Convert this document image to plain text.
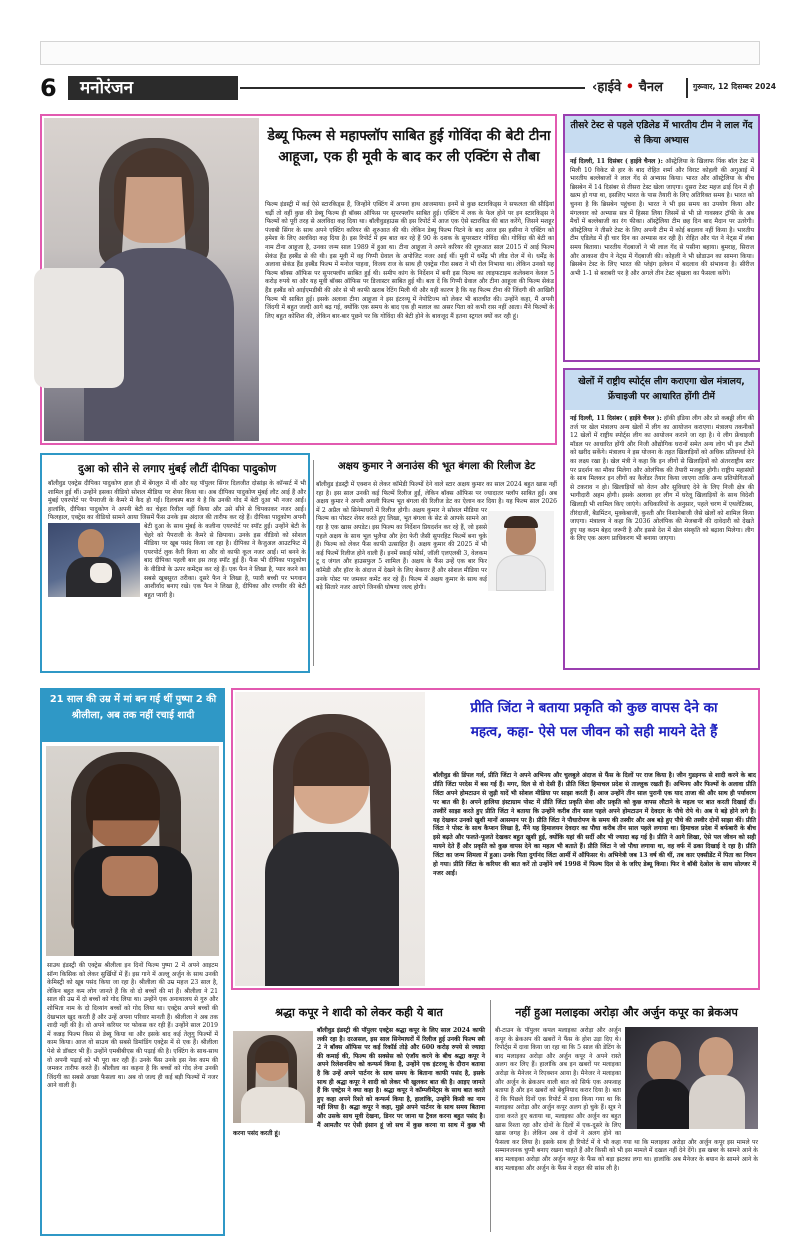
6	मनोरंजन	‹हाईवे • चैनल	गुरूवार, 12 दिसम्बर 2024
डेब्यू फिल्म से महाफ्लॉप साबित हुई गोविंदा की बेटी टीना
आहूजा, एक ही मूवी के बाद कर ली एक्टिंग से तौबा
फिल्म इंडस्ट्री में कई ऐसे स्टारकिड्स हैं, जिन्होंने एक्टिंग में अपना हाथ आजमाया। इनमें से कुछ स्टारकिड्स ने सफलता की सीढ़ियां चढ़ीं तो वहीं कुछ की डेब्यू फिल्म ही बॉक्स ऑफिस पर सुपरफ्लॉप साबित हुई। एक्टिंग में लक के फेल होने पर इन स्टारकिड्स ने फिल्मों को पूरी तरह से अलविदा कह दिया था। बॉलीवुडहाउस की इस रिपोर्ट में आज एक ऐसे स्टारकिड की बात करेंगे, जिसने मशहूर पंजाबी सिंगर के साथ अपने एक्टिंग करियर की शुरुआत की थी। लेकिन डेब्यू फिल्म पिटने के बाद आज इस हसीना ने एक्टिंग को हमेशा के लिए अलविदा कह दिया है। इस रिपोर्ट में हम बात कर रहे हैं 90 के दशक के सुपरस्टार गोविंदा की। गोविंदा की बेटी का नाम टीना आहूजा है, उनका जन्म साल 1989 में हुआ था। टीना आहूजा ने अपने करियर की शुरुआत साल 2015 में आई फिल्म सेकंड हैंड हस्बैंड से की थी। इस मूवी में वह गिप्पी ग्रेवाल के अपोजिट नजर आई थीं। मूवी में धर्मेंद्र भी लीड रोल में थे। धर्मेंद्र के अलावा सेकंड हैंड हस्बैंड फिल्म में मनोज पाहवा, विजय राज के साथ ही एक्ट्रेस गौरा सबरा ने भी रोल निभाया था। लेकिन उनको यह फिल्म बॉक्स ऑफिस पर सुपरफ्लॉप साबित हुई थी। समीप कांग के निर्देशन में बनी इस फिल्म का लाइफटाइम कलेक्शन केवल 5 करोड़ रुपये था और यह मूवी बॉक्स ऑफिस पर डिजास्टर साबित हुई थी। बता दें कि गिप्पी ग्रेवाल और टीना आहूजा की फिल्म सेकंड हैंड हस्बैंड को आईएमडीबी की ओर से भी काफी खराब रेटिंग मिली थी और यही कारण है कि यह फिल्म टीना की जिंदगी की आखिरी फिल्म भी साबित हुई। इसके अलावा टीना आहूजा ने इस इंटरव्यू में नेपोटिज्म को लेकर भी बातचीत की। उन्होंने कहा, मैं अपनी जिंदगी में बहुत जल्दी आगे बढ़ गई, क्योंकि एक समय के बाद एक ही मलाल का असर पिता को कभी रास नहीं आता। मैंने फिल्मों के लिए बहुत कोशिश की, लेकिन बार-बार पूछने पर कि गोविंदा की बेटी होने के बावजूद मैं इतना स्ट्रगल क्यों कर रही हूं।
तीसरे टेस्ट से पहले एडिलेड में भारतीय टीम ने लाल गेंद से किया अभ्यास
नई दिल्ली, 11 दिसंबर ( हाईवे चैनल ): ऑस्ट्रेलिया के खिलाफ पिंक बॉल टेस्ट में मिली 10 विकेट से हार के बाद रोहित शर्मा और विराट कोहली की अगुआई में भारतीय बल्लेबाजों ने लाल गेंद से अभ्यास किया। भारत और ऑस्ट्रेलिया के बीच ब्रिसबेन में 14 दिसंबर से तीसरा टेस्ट खेला जाएगा। दूसरा टेस्ट महज ढाई दिन में ही खत्म हो गया था, इसलिए भारत के पास तैयारी के लिए अतिरिक्त समय है। भारत को चुनना है कि ब्रिसबेन पहुंचना है। भारत ने भी इस समय का उपयोग किया और मंगलवार को अभ्यास सत्र में हिस्सा लिया जिसमें से भी प्रो गावस्कर ट्रॉफी के अब मैचों में बल्लेबाजी का रंग फीका। ऑस्ट्रेलिया टीम छह दिन बाद मैदान पर उतरेगी। ऑस्ट्रेलिया ने तीसरे टेस्ट के लिए अपनी टीम में कोई बदलाव नहीं किया है। भारतीय टीम एडिलेड में ही चार दिन का अभ्यास कर रही है। रोहित और पंत ने नेट्स में लंबा समय बिताया। भारतीय गेंदबाजों ने भी लाल गेंद से पसीना बहाया। बुमराह, सिराज और आकाश दीप ने नेट्स में गेंदबाजी की। कोहली ने भी थ्रोडाउन का सामना किया। ब्रिसबेन टेस्ट के लिए भारत की प्लेइंग इलेवन में बदलाव की संभावना है। सीरीज अभी 1-1 से बराबरी पर है और अगले तीन टेस्ट श्रृंखला का फैसला करेंगे।
खेलों में राष्ट्रीय स्पोर्ट्स लीग कराएगा खेल मंत्रालय, फ्रेंचाइजी पर आधारित होंगी टीमें
नई दिल्ली, 11 दिसंबर ( हाईवे चैनल ): हॉकी इंडिया लीग और प्रो कबड्डी लीग की तर्ज पर खेल मंत्रालय अन्य खेलों में लीग का आयोजन कराएगा। मंत्रालय तकनीकों 12 खेलों में राष्ट्रीय स्पोर्ट्स लीग का आयोजन कराने जा रहा है। ये लीग फ्रेंचाइजी मॉडल पर आधारित होंगी और निजी औद्योगिक घरानों समेत अन्य लोग भी इन टीमों को खरीद सकेंगे। मंत्रालय ने इस योजना के तहत खिलाड़ियों को अधिक प्रतिस्पर्धा देने का लक्ष्य रखा है। खेल मंत्री ने कहा कि इन लीगों से खिलाड़ियों को अंतरराष्ट्रीय स्तर पर प्रदर्शन का मौका मिलेगा और ओलंपिक की तैयारी मजबूत होगी। राष्ट्रीय महासंघों के साथ मिलकर इन लीगों का कैलेंडर तैयार किया जाएगा ताकि अन्य प्रतियोगिताओं से टकराव न हो। खिलाड़ियों को वेतन और सुविधाएं देने के लिए निजी क्षेत्र की भागीदारी अहम होगी। इसके अलावा हर लीग में घरेलू खिलाड़ियों के साथ विदेशी खिलाड़ी भी शामिल किए जाएंगे। अधिकारियों के अनुसार, पहले चरण में एथलेटिक्स, तीरंदाजी, बैडमिंटन, मुक्केबाजी, कुश्ती और निशानेबाजी जैसे खेलों को शामिल किया जाएगा। मंत्रालय ने कहा कि 2036 ओलंपिक की मेजबानी की दावेदारी को देखते हुए यह कदम बेहद जरूरी है और इससे देश में खेल संस्कृति को बढ़ावा मिलेगा। लीग के लिए एक अलग प्राधिकरण भी बनाया जाएगा।
दुआ को सीने से लगाए मुंबई लौटीं दीपिका पादुकोण
बॉलीवुड एक्ट्रेस दीपिका पादुकोण हाल ही में बेंगलुरु में थीं और यह पॉपुलर सिंगर दिलजीत दोसांझ के कॉन्सर्ट में भी शामिल हुई थीं। उन्होंने इसका वीडियो सोशल मीडिया पर शेयर किया था। अब दीपिका पादुकोण मुंबई लौट आई हैं और मुंबई एयरपोर्ट पर पैपराजी के कैमरे में कैद हो गईं। दिलचस्प बात ये है कि उनकी गोद में बेटी दुआ भी नजर आईं। हालांकि, दीपिका पादुकोण ने अपनी बेटी का चेहरा रिवील नहीं किया और उसे सीने से चिपकाकर नजर आईं। फिलहाल, एक्ट्रेस का वीडियो सामने आया जिसमें फैंस उनके इस अंदाज की तारीफ कर रहे हैं। दीपिका पादुकोण अपनी बेटी दुआ के साथ मुंबई के कलीना एयरपोर्ट पर स्पॉट हुईं। उन्होंने बेटी के चेहरे को पैपराजी के कैमरे से छिपाया। उनके इस वीडियो को सोशल मीडिया पर खूब पसंद किया जा रहा है। दीपिका ने कैजुअल आउटफिट में एयरपोर्ट लुक कैरी किया था और वो काफी कूल नजर आईं। मां बनने के बाद दीपिका पहली बार इस तरह स्पॉट हुई हैं। फैंस भी दीपिका पादुकोण के वीडियो के ऊपर कमेंट्स कर रहे हैं। एक फैन ने लिखा है, प्यार करने का सबसे खूबसूरत तरीका। दूसरे फैन ने लिखा है, प्यारी बच्ची पर भगवान आशीर्वाद बनाए रखे। एक फैन ने लिखा है, दीपिका और रणवीर की बेटी बहुत प्यारी है।
अक्षय कुमार ने अनाउंस की भूत बंगला की रिलीज डेट
बॉलीवुड इंडस्ट्री में एक्शन से लेकर कॉमेडी फिल्मों देने वाले स्टार अक्षय कुमार का साल 2024 बहुत खास नहीं रहा है। इस साल उनकी कई फिल्में रिलीज हुईं, लेकिन बॉक्स ऑफिस पर ज्यादातर फ्लॉप साबित हुईं। अब अक्षय कुमार ने अपनी अगली फिल्म भूत बंगला की रिलीज डेट का ऐलान कर दिया है। यह फिल्म साल 2026 में 2 अप्रैल को सिनेमाघरों में रिलीज होगी। अक्षय कुमार ने सोशल मीडिया पर फिल्म का पोस्टर शेयर करते हुए लिखा, भूत बंगला के सेट से आपके सामने आ रहा है एक खास अपडेट। इस फिल्म का निर्देशन प्रियदर्शन कर रहे हैं, जो इससे पहले अक्षय के साथ भूल भुलैया और हेरा फेरी जैसी सुपरहिट फिल्में बना चुके हैं। फिल्म को लेकर फैंस काफी उत्साहित हैं। अक्षय कुमार की 2025 में भी कई फिल्में रिलीज होने वाली हैं। इनमें स्काई फोर्स, जॉली एलएलबी 3, वेलकम टू द जंगल और हाउसफुल 5 शामिल हैं। अक्षय के फैंस उन्हें एक बार फिर कॉमेडी और हॉरर के अंदाज में देखने के लिए बेकरार हैं और सोशल मीडिया पर उनके पोस्ट पर जमकर कमेंट कर रहे हैं। फिल्म में अक्षय कुमार के साथ कई बड़े सितारे नजर आएंगे जिनकी घोषणा जल्द होगी।
21 साल की उम्र में मां बन गई थीं पुष्पा 2 की श्रीलीला, अब तक नहीं रचाई शादी
साउथ इंडस्ट्री की एक्ट्रेस श्रीलीला इन दिनों फिल्म पुष्पा 2 में अपने आइटम सॉन्ग किसिक को लेकर सुर्खियों में हैं। इस गाने में अल्लू अर्जुन के साथ उनकी केमिस्ट्री को खूब पसंद किया जा रहा है। श्रीलीला की उम्र महज 23 साल है, लेकिन बहुत कम लोग जानते हैं कि वो दो बच्चों की मां हैं। श्रीलीला ने 21 साल की उम्र में दो बच्चों को गोद लिया था। उन्होंने एक अनाथालय से गुरु और शोभिता नाम के दो दिव्यांग बच्चों को गोद लिया था। एक्ट्रेस अपने बच्चों की देखभाल खुद करती हैं और उन्हें अपना परिवार मानती हैं। श्रीलीला ने अब तक शादी नहीं की है। वो अपने करियर पर फोकस कर रही हैं। उन्होंने साल 2019 में कन्नड़ फिल्म किस से डेब्यू किया था और इसके बाद कई तेलुगु फिल्मों में काम किया। आज वो साउथ की सबसे डिमांडिंग एक्ट्रेस में से एक हैं। श्रीलीला पेशे से डॉक्टर भी हैं। उन्होंने एमबीबीएस की पढ़ाई की है। एक्टिंग के साथ-साथ वो अपनी पढ़ाई को भी पूरा कर रही हैं। उनके फैंस उनके इस नेक काम की जमकर तारीफ करते हैं। श्रीलीला का कहना है कि बच्चों को गोद लेना उनकी जिंदगी का सबसे अच्छा फैसला था। अब वो जल्द ही कई बड़ी फिल्मों में नजर आने वाली हैं।
प्रीति जिंटा ने बताया प्रकृति को कुछ वापस देने का
महत्व, कहा- ऐसे पल जीवन को सही मायने देते हैं
बॉलीवुड की डिंपल गर्ल, प्रीति जिंटा ने अपने अभिनय और चुलबुले अंदाज से फैंस के दिलों पर राज किया है। जीन गुडइनफ से शादी करने के बाद प्रीति जिंटा परदेस में बस गई हैं। मगर, दिल से वो देसी हैं। प्रीति जिंटा हिमाचल प्रदेश से ताल्लुक रखती हैं। अभिनय और फिल्मों के अलावा प्रीति जिंटा अपने होमटाउन से जुड़ी यादें भी सोशल मीडिया पर साझा करती हैं। आज उन्होंने तीन साल पुरानी एक याद ताजा की और साथ ही पर्यावरण पर बात की है। अपने हालिया इंस्टाग्राम पोस्ट में प्रीति जिंटा प्रकृति सेवा और प्रकृति को कुछ वापस लौटाने के महत्व पर बात करती दिखाई दीं। तस्वीरें साझा करते हुए प्रीति जिंटा ने बताया कि उन्होंने करीब तीन साल पहले अपने होमटाउन में देवदार के पौधे रोपे थे। अब ये बड़े होने लगे हैं। यह देखकर उनको खुशी मानों आसमान पर है। प्रीति जिंटा ने पौधारोपण के समय की तस्वीर और अब बड़े हुए पौधे की तस्वीर दोनों साझा कीं। प्रीति जिंटा ने पोस्ट के साथ कैप्शन लिखा है, मैंने यह हिमालयन देवदार का पौधा करीब तीन साल पहले लगाया था। हिमाचल प्रदेश में बर्फबारी के बीच इसे बढ़ते और फलते-फूलते देखकर बहुत खुशी हुई, क्योंकि यहां की सर्दी और भी ज्यादा बढ़ गई है। प्रीति ने आगे लिखा, ऐसे पल जीवन को सही मायने देते हैं और प्रकृति को कुछ वापस देने का महत्व भी बताते हैं। प्रीति जिंटा ने जो पौधा लगाया था, वह वर्फ में ढका दिखाई दे रहा है। प्रीति जिंटा का जन्म शिमला में हुआ। उनके पिता दुर्गानंद जिंटा आर्मी में ऑफिसर थे। अभिनेत्री जब 13 वर्ष की थीं, तब कार एक्सीडेंट में पिता का निधन हो गया। प्रीति जिंटा के करियर की बात करें तो उन्होंने वर्ष 1998 में फिल्म दिल से के जरिए डेब्यू किया। फिर वे बॉबी देओल के साथ सोल्जर में नजर आईं।
श्रद्धा कपूर ने शादी को लेकर कही ये बात
बॉलीवुड इंडस्ट्री की पॉपुलर एक्ट्रेस श्रद्धा कपूर के लिए साल 2024 काफी लकी रहा है। दरअसल, इस साल सिनेमाघरों में रिलीज हुई उनकी फिल्म स्त्री 2 ने बॉक्स ऑफिस पर कई रिकॉर्ड तोड़े और 600 करोड़ रुपये से ज्यादा की कमाई की, फिल्म की सक्सेस को एंजॉय करने के बीच श्रद्धा कपूर ने अपने रिलेशनशिप को कन्फर्म किया है, उन्होंने एक इंटरव्यू के दौरान बताया है कि उन्हें अपने पार्टनर के साथ समय के बिताना काफी पसंद है, इसके साथ ही श्रद्धा कपूर ने शादी को लेकर भी खुलकर बात की है। आइए जानते हैं कि एक्ट्रेस ने क्या कहा है। श्रद्धा कपूर ने कॉम्प्लीमेंट्स के साथ बात करते हुए कहा अपने रिश्ते को कन्फर्म किया है, हालांकि, उन्होंने किसी का नाम नहीं लिया है। श्रद्धा कपूर ने कहा, मुझे अपने पार्टनर के साथ समय बिताना और उसके साथ मूवी देखना, डिनर पर जाना या ट्रैवल करना बहुत पसंद है। मैं आमतौर पर ऐसी इंसान हूं जो सच में कुछ करना या साथ में कुछ भी करना पसंद करती हूं।
नहीं हुआ मलाइका अरोड़ा और अर्जुन कपूर का ब्रेकअप
बी-टाउन के पॉपुलर कपल मलाइका अरोड़ा और अर्जुन कपूर के ब्रेकअप की खबरों ने फैंस के होश उड़ा दिए थे। रिपोर्ट्स में दावा किया जा रहा था कि 5 साल की डेटिंग के बाद मलाइका अरोड़ा और अर्जुन कपूर ने अपने रास्ते अलग कर लिए हैं। हालांकि अब इन खबरों पर मलाइका अरोड़ा के मैनेजर ने रिएक्शन आया है। मैनेजर ने मलाइका और अर्जुन के ब्रेकअप वाली बात को सिर्फ एक अफवाह बताया है और इन खबरों को बेबुनियाद करार दिया है। बता दें कि पिछले दिनों एक रिपोर्ट में दावा किया गया था कि मलाइका अरोड़ा और अर्जुन कपूर अलग हो चुके हैं। सूत्र ने दावा करते हुए बताया था, मलाइका और अर्जुन का बहुत खास रिश्ता रहा और दोनों के दिलों में एक-दूसरे के लिए खास जगह है। लेकिन अब वे दोनों ने अलग होने का फैसला कर लिया है। इसके साथ ही रिपोर्ट में ये भी कहा गया था कि मलाइका अरोड़ा और अर्जुन कपूर इस मामले पर सम्मानजनक चुप्पी बनाए रखना चाहते हैं और किसी को भी इस मामले में दखल नहीं देने देंगे। इस खबर के सामने आने के बाद मलाइका अरोड़ा और अर्जुन कपूर के फैंस को बड़ा झटका लगा था। हालांकि अब मैनेजर के बयान के सामने आने के बाद मलाइका और अर्जुन के फैंस ने राहत की सांस ली है।
